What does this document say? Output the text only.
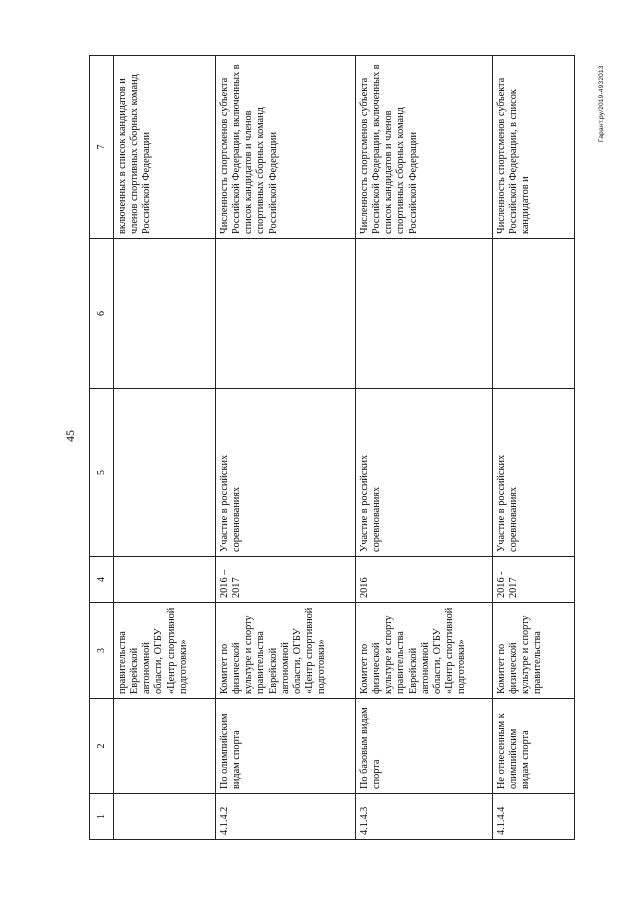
45
Гарант.ру/2019-4932013
1	2	3	4	5	6	7
		правительства Еврейской автономной области, ОГБУ «Центр спортивной подготовки»				включенных в список кандидатов и членов спортивных сборных команд Российской Федерации
4.1.4.2	По олимпийским видам спорта	Комитет по физической культуре и спорту правительства Еврейской автономной области, ОГБУ «Центр спортивной подготовки»	2016 – 2017	Участие в российских соревнованиях		Численность спортсменов субъекта Российской Федерации, включенных в список кандидатов и членов спортивных сборных команд Российской Федерации
4.1.4.3	По базовым видам спорта	Комитет по физической культуре и спорту правительства Еврейской автономной области, ОГБУ «Центр спортивной подготовки»	2016	Участие в российских соревнованиях		Численность спортсменов субъекта Российской Федерации, включенных в список кандидатов и членов спортивных сборных команд Российской Федерации
4.1.4.4	Не отнесенным к олимпийским видам спорта	Комитет по физической культуре и спорту правительства	2016 - 2017	Участие в российских соревнованиях		Численность спортсменов субъекта Российской Федерации, в список кандидатов и
